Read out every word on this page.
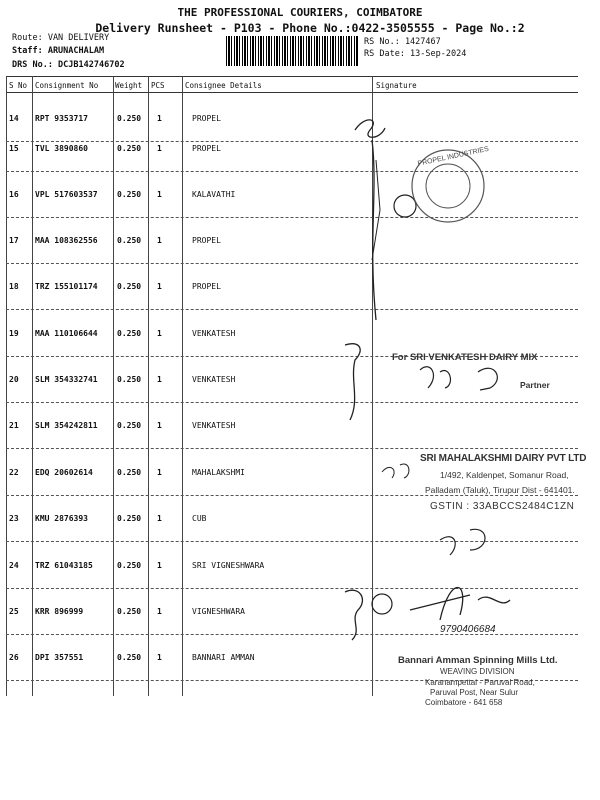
THE PROFESSIONAL COURIERS, COIMBATORE
Delivery Runsheet - P103 - Phone No.:0422-3505555 - Page No.:2
Route: VAN DELIVERY
Staff: ARUNACHALAM
DRS No.: DCJB142746702
RS No.: 1427467
RS Date: 13-Sep-2024
S No Consignment No Weight PCS	Consignee Details	Signature
14 RPT 9353717	0.250 1	PROPEL
15 TVL 3890860	0.250 1	PROPEL
16 VPL 517603537 0.250 1	KALAVATHI
17 MAA 108362556 0.250 1	PROPEL
18 TRZ 155101174 0.250 1	PROPEL
19 MAA 110106644 0.250 1	VENKATESH
20 SLM 354332741 0.250 1	VENKATESH
21 SLM 354242811 0.250 1	VENKATESH
22 EDQ 20602614	0.250 1	MAHALAKSHMI
23 KMU 2876393	0.250 1	CUB
24 TRZ 61043185	0.250 1	SRI VIGNESHWARA
25 KRR 896999	0.250 1	VIGNESHWARA
26 DPI 357551	0.250 1	BANNARI AMMAN
PROPEL INDUSTRIES
For SRI VENKATESH DAIRY MIX
Partner
SRI MAHALAKSHMI DAIRY PVT LTD
1/492, Kaldenpet, Somanur Road,
Palladam (Taluk), Tirupur Dist - 641401.
GSTIN : 33ABCCS2484C1ZN
9790406684
Bannari Amman Spinning Mills Ltd.
WEAVING DIVISION
Karanampettai - Paruval Road,
Paruval Post, Near Sulur
Coimbatore - 641 658
